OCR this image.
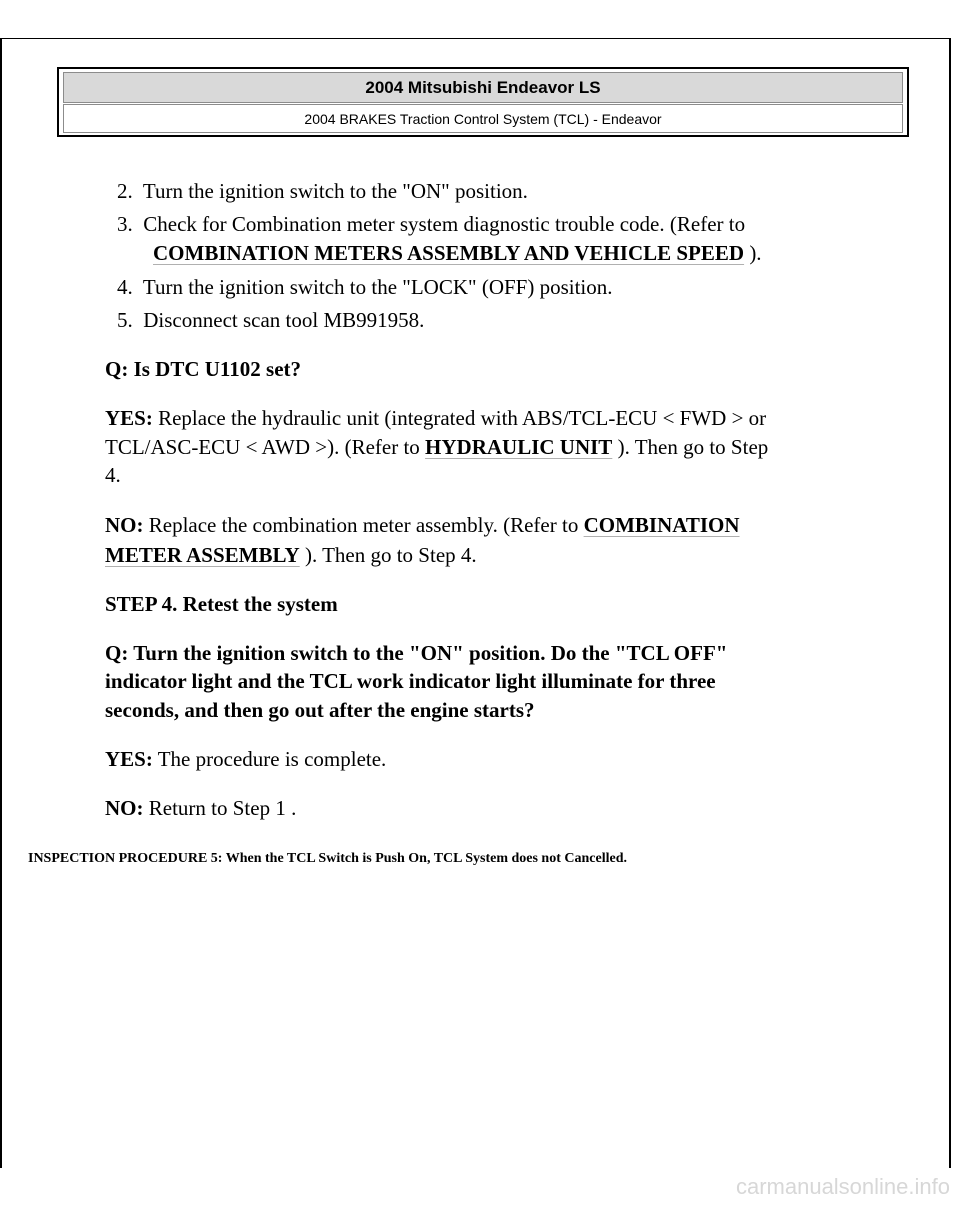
2004 Mitsubishi Endeavor LS
2004 BRAKES Traction Control System (TCL) - Endeavor
2. Turn the ignition switch to the "ON" position.
3. Check for Combination meter system diagnostic trouble code. (Refer to
COMBINATION METERS ASSEMBLY AND VEHICLE SPEED ).
4. Turn the ignition switch to the "LOCK" (OFF) position.
5. Disconnect scan tool MB991958.
Q: Is DTC U1102 set?
YES: Replace the hydraulic unit (integrated with ABS/TCL-ECU < FWD > or
TCL/ASC-ECU < AWD >). (Refer to HYDRAULIC UNIT ). Then go to Step
4.
NO: Replace the combination meter assembly. (Refer to COMBINATION
METER ASSEMBLY ). Then go to Step 4.
STEP 4. Retest the system
Q: Turn the ignition switch to the "ON" position. Do the "TCL OFF"
indicator light and the TCL work indicator light illuminate for three
seconds, and then go out after the engine starts?
YES: The procedure is complete.
NO: Return to Step 1 .
INSPECTION PROCEDURE 5: When the TCL Switch is Push On, TCL System does not Cancelled.
carmanualsonline.info
